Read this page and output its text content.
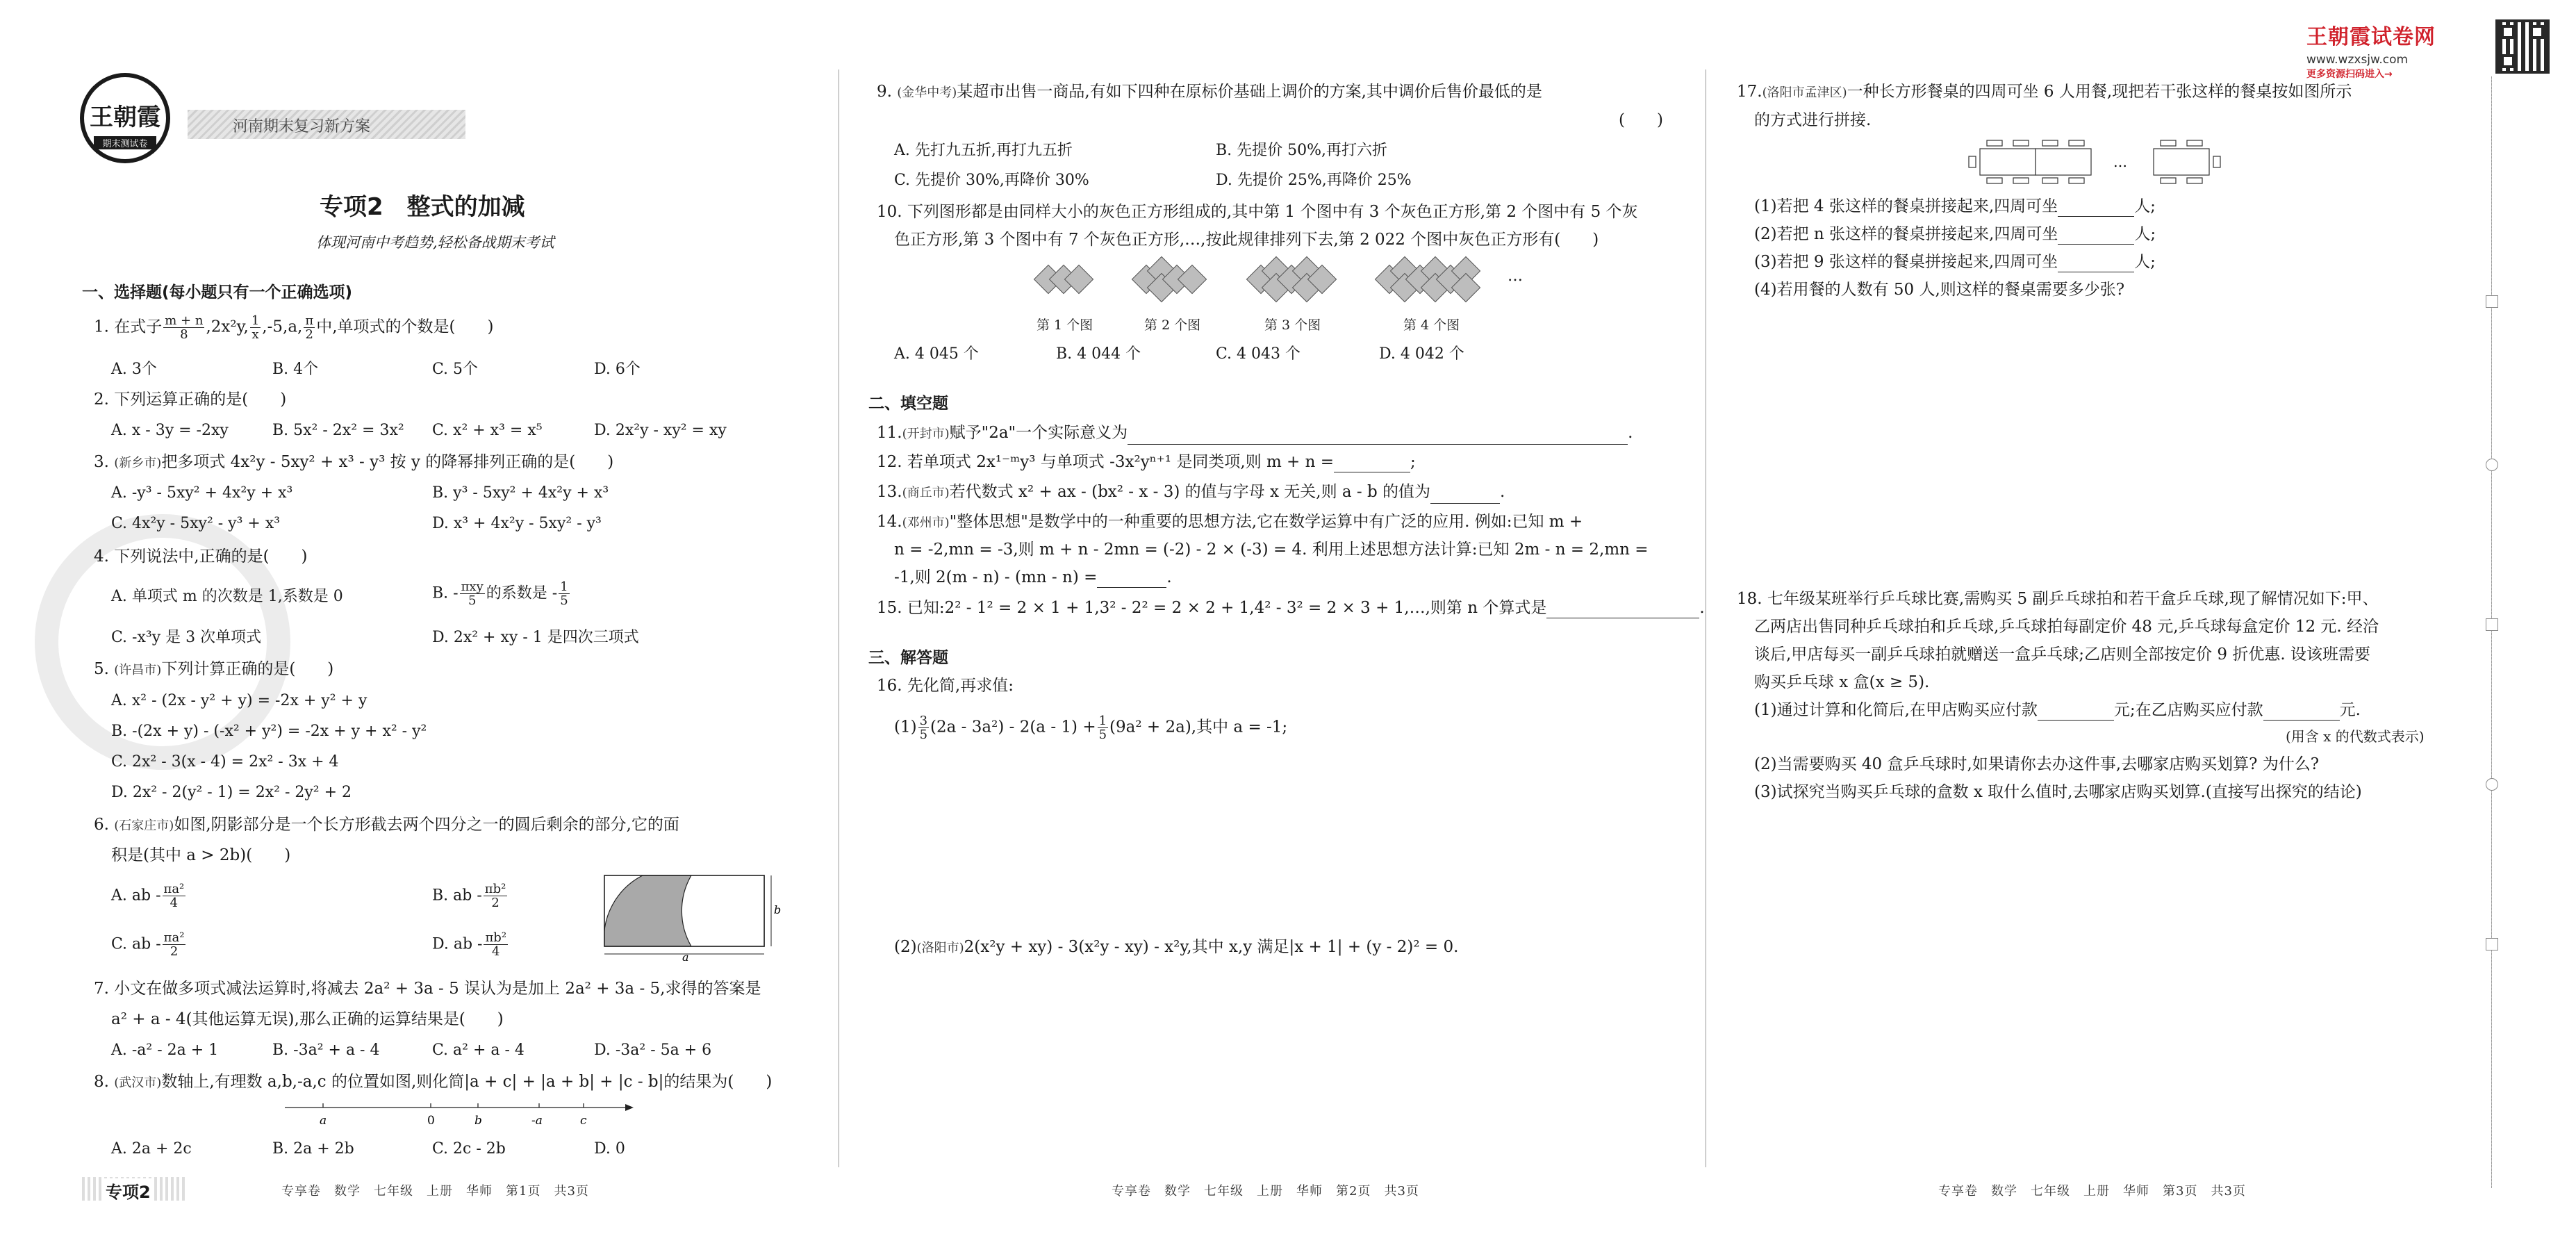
王朝霞
期末测试卷
河南期末复习新方案
专项2　整式的加减
体现河南中考趋势,轻松备战期末考试
一、选择题(每小题只有一个正确选项)
1. 在式子 $\frac{m + n}{8} ,2x^2y$, $\frac{1}{x} ,-5,a$, $\frac{\pi}{2}$ 中,单项式的个数是(　　)
A. 3个	B. 4个	C. 5个	D. 6个
2. 下列运算正确的是(　　)
A. x - 3y = -2xy	B. 5x² - 2x² = 3x² C. x² + x³ = x⁵	D. 2x²y - xy² = xy
3. (新乡市)把多项式 4x²y - 5xy² + x³ - y³ 按 y 的降幂排列正确的是(　　)
A. -y³ - 5xy² + 4x²y + x³	B. y³ - 5xy² + 4x²y + x³
C. 4x²y - 5xy² - y³ + x³	D. x³ + 4x²y - 5xy² - y³
4. 下列说法中,正确的是(　　)
A. 单项式 m 的次数是 1,系数是 0	B. - $\frac{\text{πxy}}{5}$ 的系数是 - $\frac{1}{5}$
C. -x³y 是 3 次单项式	D. 2x² + xy - 1 是四次三项式
5. (许昌市)下列计算正确的是(　　)
A. x² - (2x - y² + y) = -2x + y² + y
B. -(2x + y) - (-x² + y²) = -2x + y + x² - y²
C. 2x² - 3(x - 4) = 2x² - 3x + 4
D. 2x² - 2(y² - 1) = 2x² - 2y² + 2
6. (石家庄市)如图,阴影部分是一个长方形截去两个四分之一的圆后剩余的部分,它的面
积是(其中 a > 2b)(　　)
A. ab - $\frac{\text{πa²}}{4}$	B. ab - $\frac{\text{πb²}}{2}$
C. ab - $\frac{\text{πa²}}{2}$	D. ab - $\frac{\text{πb²}}{4}$	a
b
7. 小文在做多项式减法运算时,将减去 2a² + 3a - 5 误认为是加上 2a² + 3a - 5,求得的答案是
a² + a - 4(其他运算无误),那么正确的运算结果是(　　)
A. -a² - 2a + 1	B. -3a² + a - 4	C. a² + a - 4	D. -3a² - 5a + 6
8. (武汉市)数轴上,有理数 a,b,-a,c 的位置如图,则化简|a + c| + |a + b| + |c - b|的结果为(　　)
a	0	b	-a	c
A. 2a + 2c	B. 2a + 2b	C. 2c - 2b	D. 0
专项2	专享卷　数学　七年级　上册　华师　第1页　共3页
9. (金华中考)某超市出售一商品,有如下四种在原标价基础上调价的方案,其中调价后售价最低的是
(　　)
A. 先打九五折,再打九五折	B. 先提价 50%,再打六折
C. 先提价 30%,再降价 30%	D. 先提价 25%,再降价 25%
10. 下列图形都是由同样大小的灰色正方形组成的,其中第 1 个图中有 3 个灰色正方形,第 2 个图中有 5 个灰
色正方形,第 3 个图中有 7 个灰色正方形,…,按此规律排列下去,第 2 022 个图中灰色正方形有(　　)
…
第 1 个图	第 2 个图	第 3 个图	第 4 个图
A. 4 045 个	B. 4 044 个	C. 4 043 个	D. 4 042 个
二、填空题
11.(开封市)赋予"2a"一个实际意义为	.
12. 若单项式 2x¹⁻ᵐy³ 与单项式 -3x²yⁿ⁺¹ 是同类项,则 m + n =	;
13.(商丘市)若代数式 x² + ax - (bx² - x - 3) 的值与字母 x 无关,则 a - b 的值为	.
14.(邓州市)"整体思想"是数学中的一种重要的思想方法,它在数学运算中有广泛的应用. 例如:已知 m +
n = -2,mn = -3,则 m + n - 2mn = (-2) - 2 × (-3) = 4. 利用上述思想方法计算:已知 2m - n = 2,mn =
-1,则 2(m - n) - (mn - n) =	.
15. 已知:2² - 1² = 2 × 1 + 1,3² - 2² = 2 × 2 + 1,4² - 3² = 2 × 3 + 1,…,则第 n 个算式是	.
三、解答题
16. 先化简,再求值:
$(1) \frac{3}{5} (2a - 3a^2) - 2(a - 1) + \frac{1}{5} (9a^2 + 2a)$,其中 a = -1;
(2)(洛阳市)2(x²y + xy) - 3(x²y - xy) - x²y,其中 x,y 满足|x + 1| + (y - 2)² = 0.
专享卷　数学　七年级　上册　华师　第2页　共3页
王朝霞试卷网
www.wzxsjw.com
更多资源扫码进入→
17.(洛阳市孟津区)一种长方形餐桌的四周可坐 6 人用餐,现把若干张这样的餐桌按如图所示
的方式进行拼接.
…
(1)若把 4 张这样的餐桌拼接起来,四周可坐	人;
(2)若把 n 张这样的餐桌拼接起来,四周可坐	人;
(3)若把 9 张这样的餐桌拼接起来,四周可坐	人;
(4)若用餐的人数有 50 人,则这样的餐桌需要多少张?
18. 七年级某班举行乒乓球比赛,需购买 5 副乒乓球拍和若干盒乒乓球,现了解情况如下:甲、
乙两店出售同种乒乓球拍和乒乓球,乒乓球拍每副定价 48 元,乒乓球每盒定价 12 元. 经洽
谈后,甲店每买一副乒乓球拍就赠送一盒乒乓球;乙店则全部按定价 9 折优惠. 设该班需要
购买乒乓球 x 盒(x ≥ 5).
(1)通过计算和化简后,在甲店购买应付款	元;在乙店购买应付款	元.
(用含 x 的代数式表示)
(2)当需要购买 40 盒乒乓球时,如果请你去办这件事,去哪家店购买划算? 为什么?
(3)试探究当购买乒乓球的盒数 x 取什么值时,去哪家店购买划算.(直接写出探究的结论)
专享卷　数学　七年级　上册　华师　第3页　共3页
